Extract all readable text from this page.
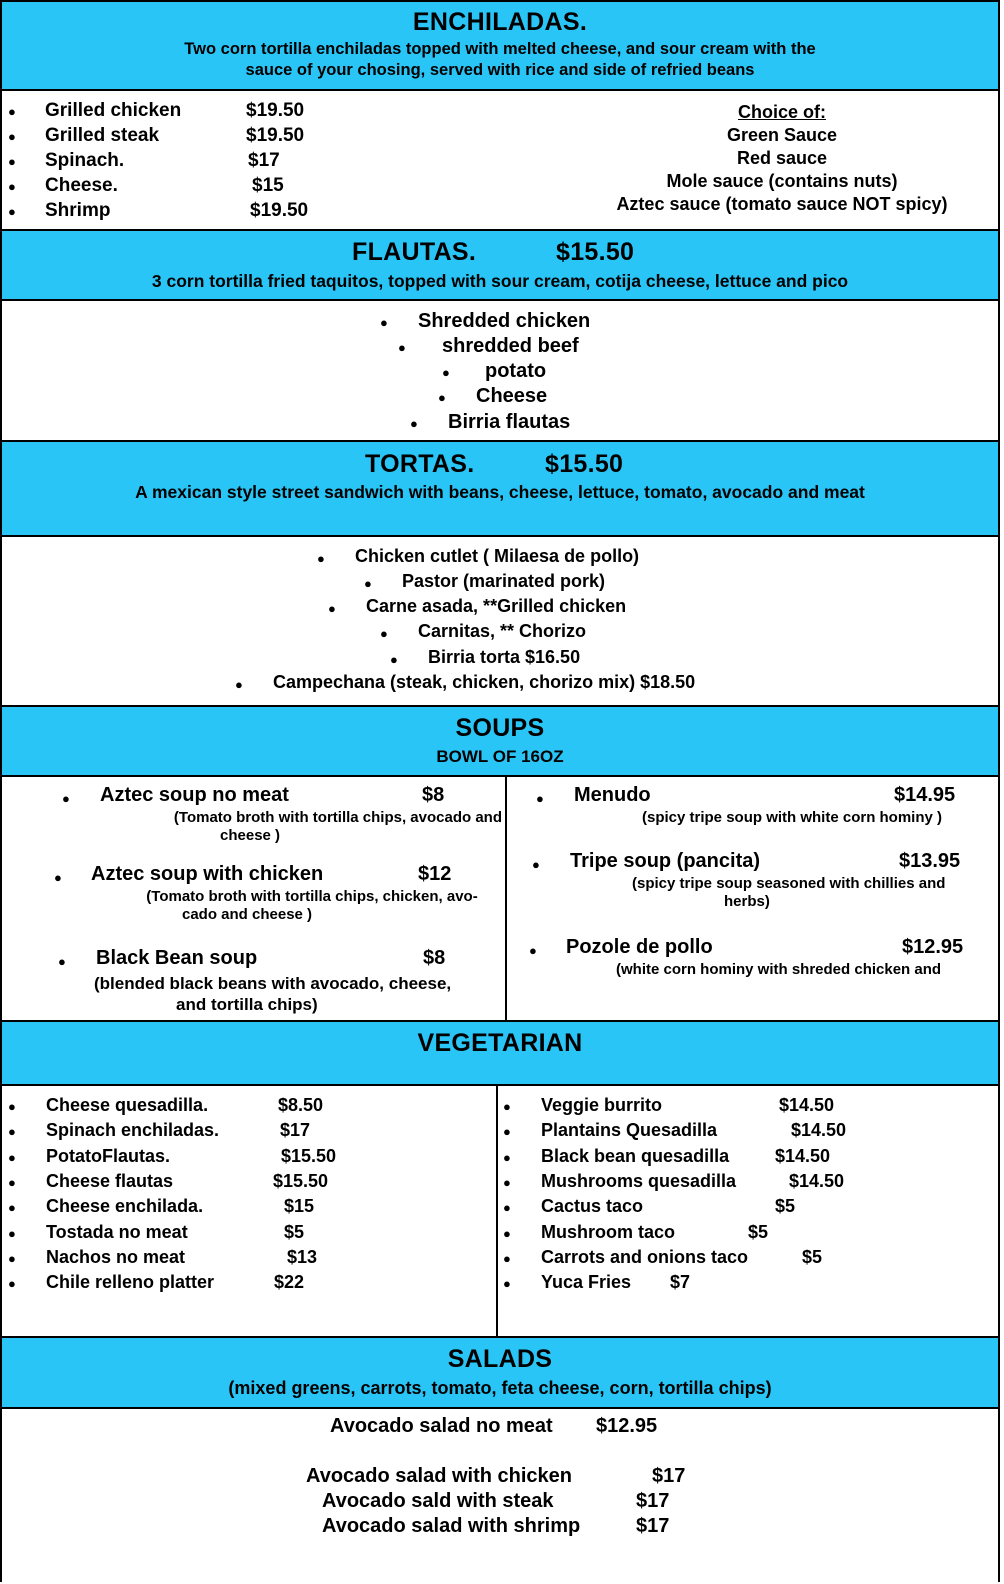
ENCHILADAS.
Two corn tortilla enchiladas topped with melted cheese, and sour cream with the
sauce of your chosing, served with rice and side of refried beans
● Grilled chicken	$19.50
● Grilled steak	$19.50
● Spinach.	$17
● Cheese.	$15
● Shrimp	$19.50
Choice of:
Green Sauce
Red sauce
Mole sauce (contains nuts)
Aztec sauce (tomato sauce NOT spicy)
FLAUTAS.	$15.50
3 corn tortilla fried taquitos, topped with sour cream, cotija cheese, lettuce and pico
● Shredded chicken
● shredded beef
● potato
● Cheese
● Birria flautas
TORTAS.	$15.50
A mexican style street sandwich with beans, cheese, lettuce, tomato, avocado and meat
● Chicken cutlet ( Milaesa de pollo)
● Pastor (marinated pork)
● Carne asada, **Grilled chicken
● Carnitas, ** Chorizo
● Birria torta $16.50
● Campechana (steak, chicken, chorizo mix) $18.50
SOUPS
BOWL OF 16OZ
● Aztec soup no meat	$8
(Tomato broth with tortilla chips, avocado and
cheese )
● Aztec soup with chicken	$12
(Tomato broth with tortilla chips, chicken, avo-
cado and cheese )
● Black Bean soup	$8
(blended black beans with avocado, cheese,
and tortilla chips)
● Menudo	$14.95
(spicy tripe soup with white corn hominy )
● Tripe soup (pancita)	$13.95
(spicy tripe soup seasoned with chillies and
herbs)
● Pozole de pollo	$12.95
(white corn hominy with shreded chicken and
VEGETARIAN
● Cheese quesadilla.	$8.50
● Spinach enchiladas.	$17
● PotatoFlautas.	$15.50
● Cheese flautas	$15.50
● Cheese enchilada.	$15
● Tostada no meat	$5
● Nachos no meat	$13
● Chile relleno platter	$22
● Veggie burrito	$14.50
● Plantains Quesadilla	$14.50
● Black bean quesadilla	$14.50
● Mushrooms quesadilla	$14.50
● Cactus taco	$5
● Mushroom taco	$5
● Carrots and onions taco	$5
● Yuca Fries $7
SALADS
(mixed greens, carrots, tomato, feta cheese, corn, tortilla chips)
Avocado salad no meat $12.95
Avocado salad with chicken	$17
Avocado sald with steak	$17
Avocado salad with shrimp	$17
